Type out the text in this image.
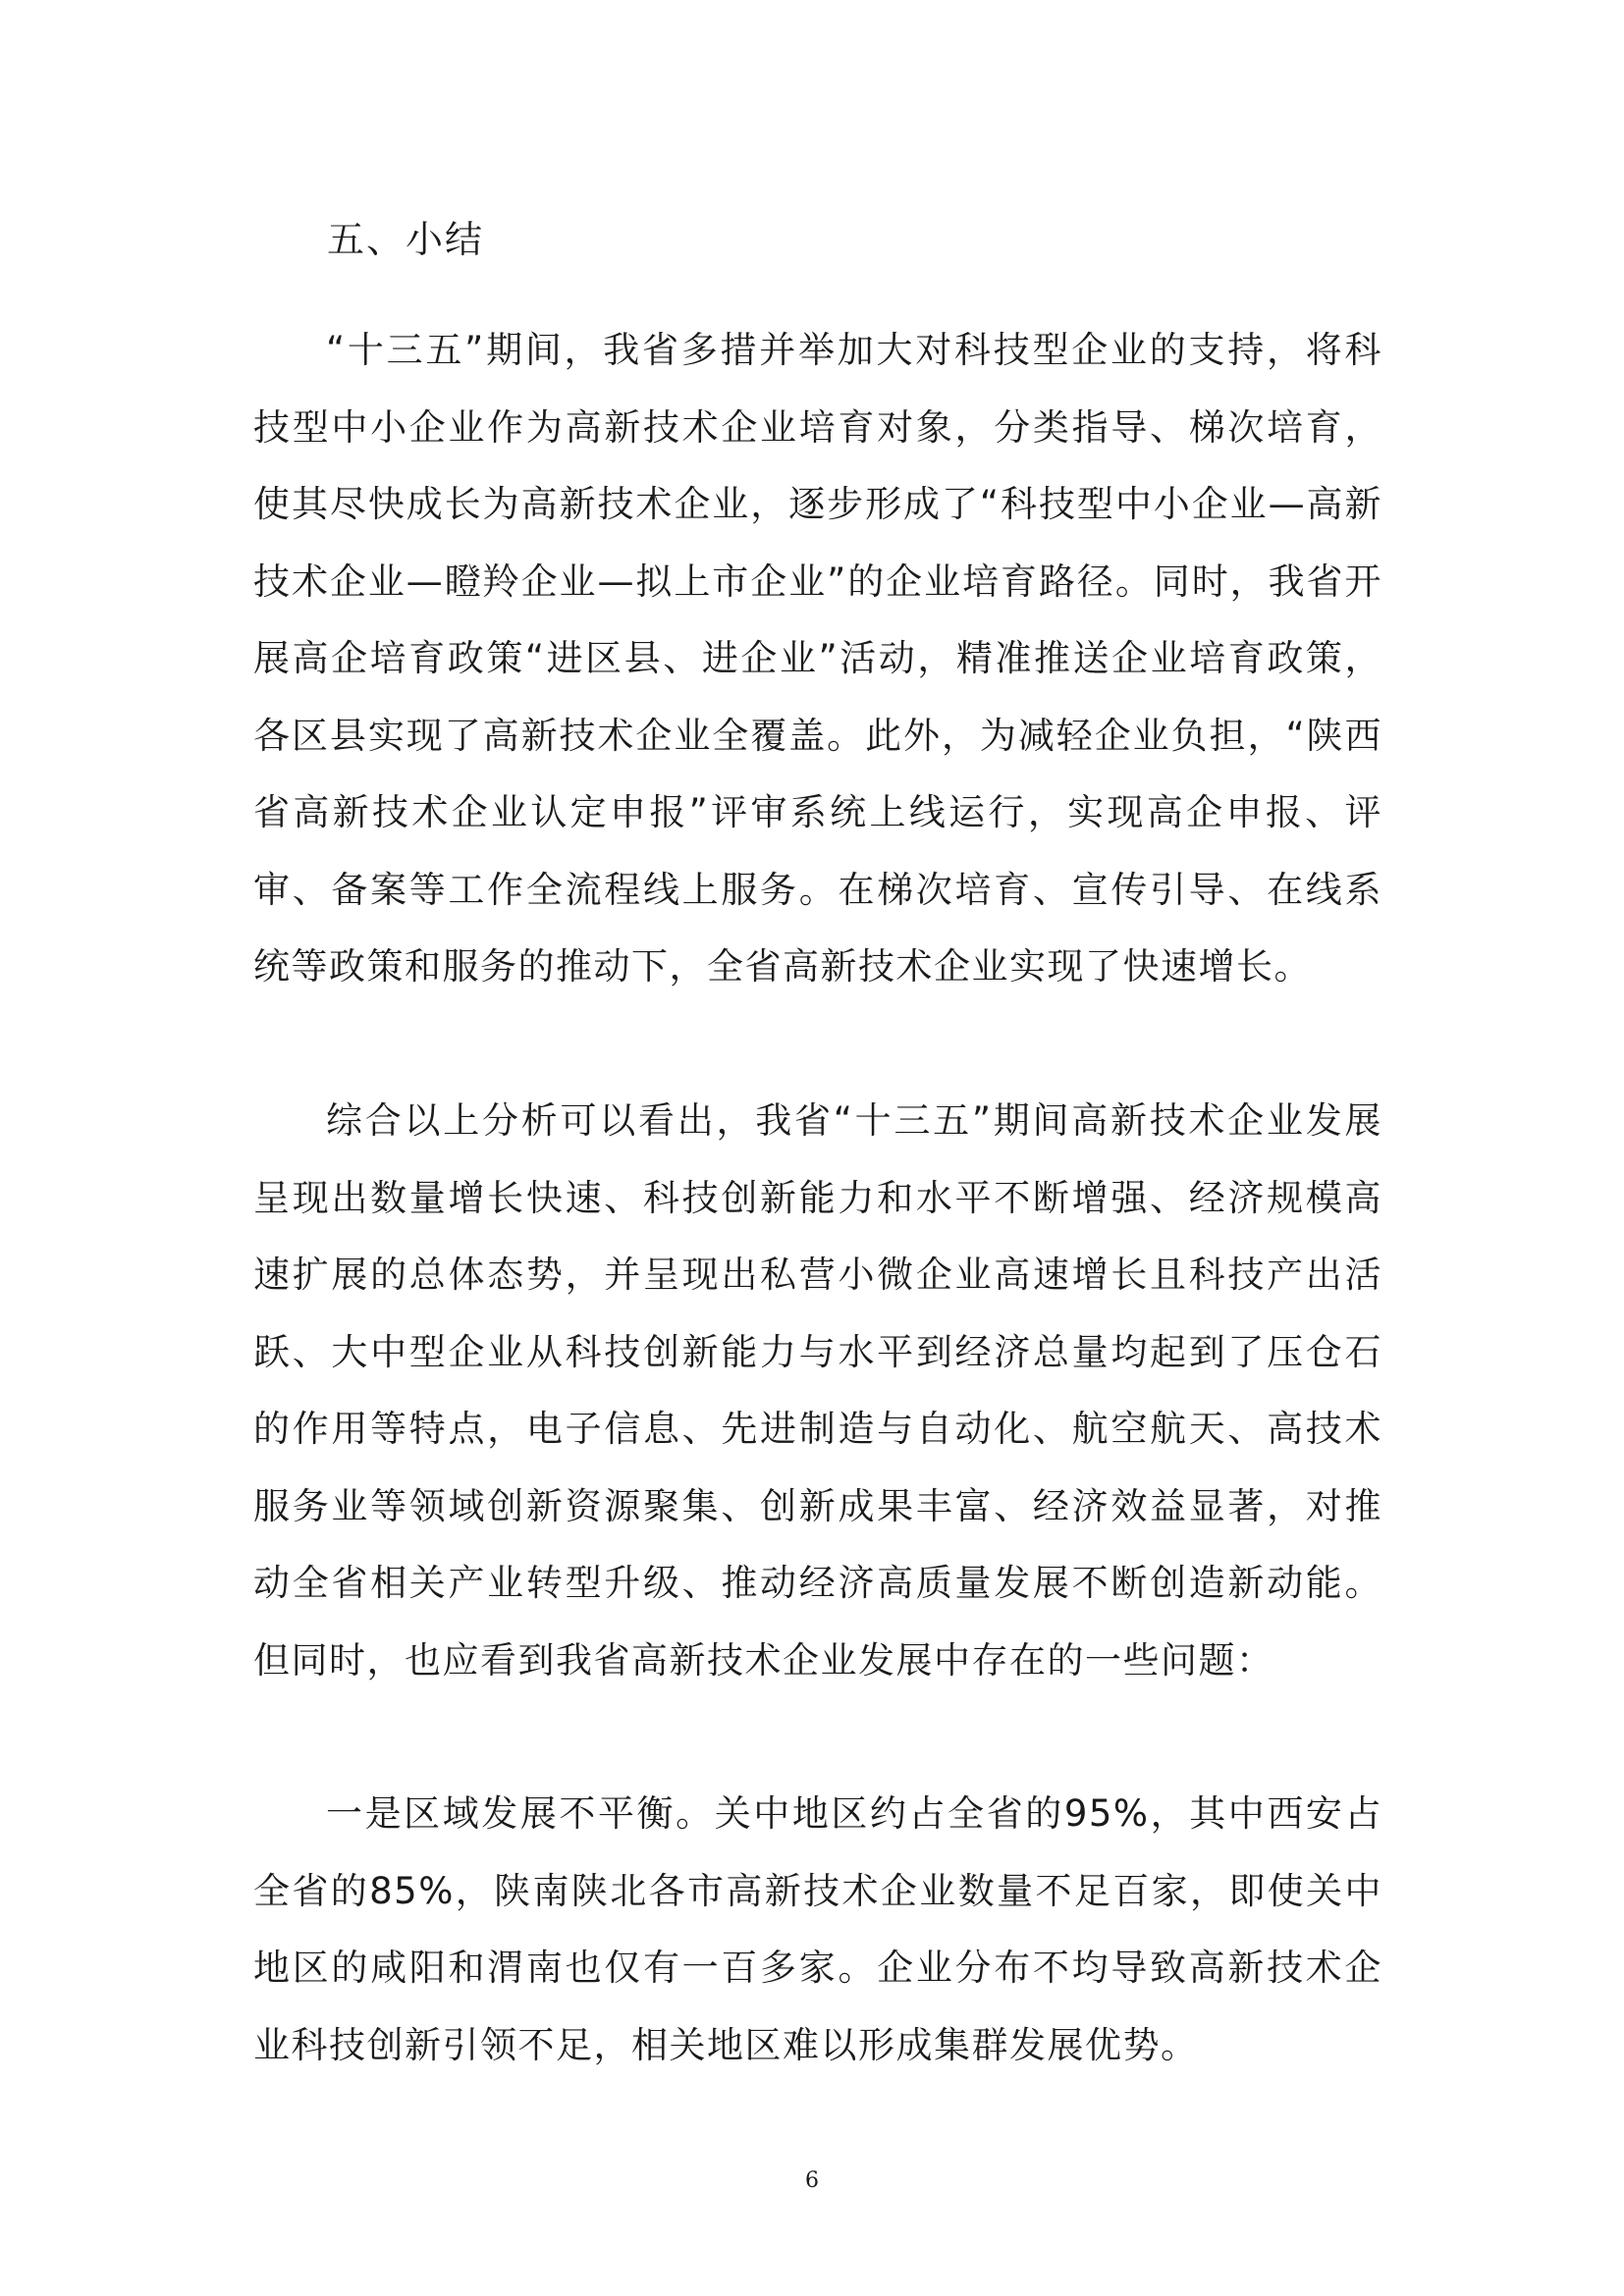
五、小结

“十三五”期间，我省多措并举加大对科技型企业的支持，将科技型中小企业作为高新技术企业培育对象，分类指导、梯次培育，使其尽快成长为高新技术企业，逐步形成了“科技型中小企业—高新技术企业—瞪羚企业—拟上市企业”的企业培育路径。同时，我省开展高企培育政策“进区县、进企业”活动，精准推送企业培育政策，各区县实现了高新技术企业全覆盖。此外，为减轻企业负担，“陕西省高新技术企业认定申报”评审系统上线运行，实现高企申报、评审、备案等工作全流程线上服务。在梯次培育、宣传引导、在线系统等政策和服务的推动下，全省高新技术企业实现了快速增长。

综合以上分析可以看出，我省“十三五”期间高新技术企业发展呈现出数量增长快速、科技创新能力和水平不断增强、经济规模高速扩展的总体态势，并呈现出私营小微企业高速增长且科技产出活跃、大中型企业从科技创新能力与水平到经济总量均起到了压仓石的作用等特点，电子信息、先进制造与自动化、航空航天、高技术服务业等领域创新资源聚集、创新成果丰富、经济效益显著，对推动全省相关产业转型升级、推动经济高质量发展不断创造新动能。但同时，也应看到我省高新技术企业发展中存在的一些问题：

一是区域发展不平衡。关中地区约占全省的95%，其中西安占全省的85%，陕南陕北各市高新技术企业数量不足百家，即使关中地区的咸阳和渭南也仅有一百多家。企业分布不均导致高新技术企业科技创新引领不足，相关地区难以形成集群发展优势。

6
